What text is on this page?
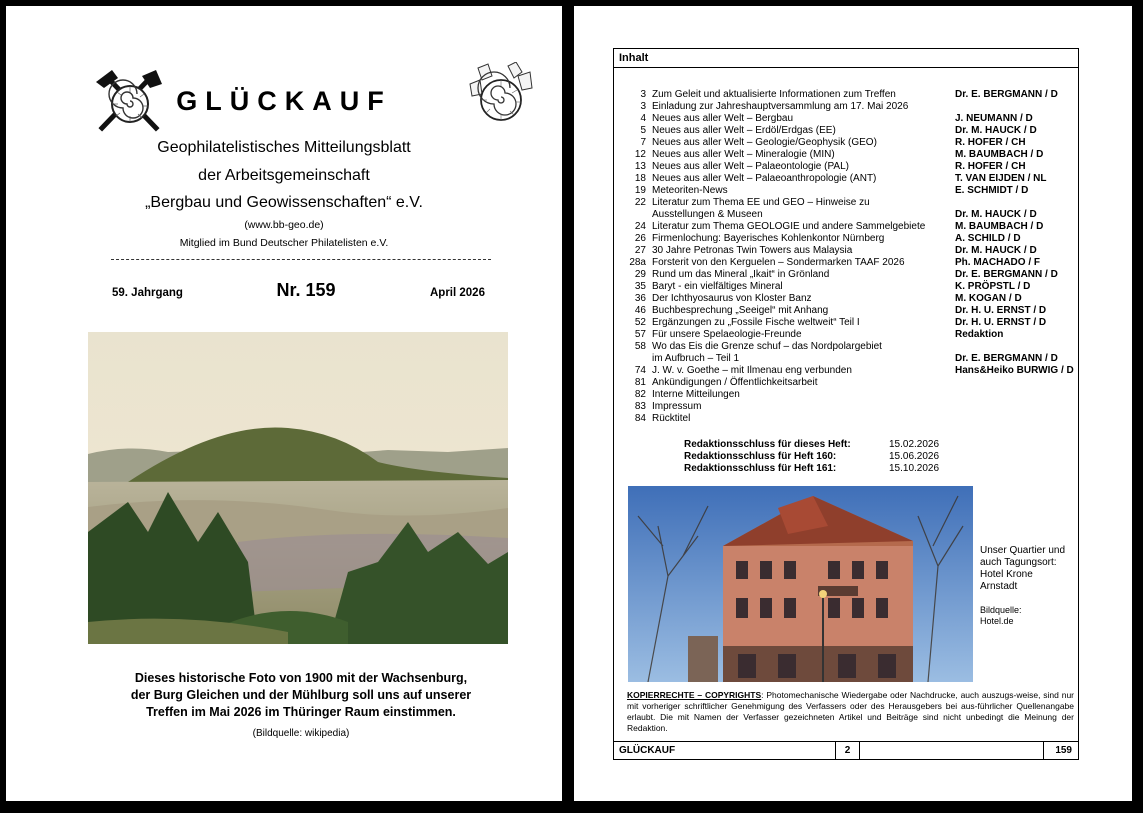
GLÜCKAUF
Geophilatelistisches Mitteilungsblatt
der Arbeitsgemeinschaft
„Bergbau und Geowissenschaften“ e.V.
(www.bb-geo.de)
Mitglied im Bund Deutscher Philatelisten e.V.
59. Jahrgang	Nr. 159	April 2026
Dieses historische Foto von 1900 mit der Wachsenburg,
der Burg Gleichen und der Mühlburg soll uns auf unserer
Treffen im Mai 2026 im Thüringer Raum einstimmen.
(Bildquelle: wikipedia)
Inhalt
3 Zum Geleit und aktualisierte Informationen zum Treffen	Dr. E. BERGMANN / D
3 Einladung zur Jahreshauptversammlung am 17. Mai 2026
4 Neues aus aller Welt – Bergbau	J. NEUMANN / D
5 Neues aus aller Welt – Erdöl/Erdgas (EE)	Dr. M. HAUCK / D
7 Neues aus aller Welt – Geologie/Geophysik (GEO)	R. HOFER / CH
12 Neues aus aller Welt – Mineralogie (MIN)	M. BAUMBACH / D
13 Neues aus aller Welt – Palaeontologie (PAL)	R. HOFER / CH
18 Neues aus aller Welt – Palaeoanthropologie (ANT)	T. VAN EIJDEN / NL
19 Meteoriten-News	E. SCHMIDT / D
22 Literatur zum Thema EE und GEO – Hinweise zu
Ausstellungen & Museen	Dr. M. HAUCK / D
24 Literatur zum Thema GEOLOGIE und andere Sammelgebiete	M. BAUMBACH / D
26 Firmenlochung: Bayerisches Kohlenkontor Nürnberg	A. SCHILD / D
27 30 Jahre Petronas Twin Towers aus Malaysia	Dr. M. HAUCK / D
28a Forsterit von den Kerguelen – Sondermarken TAAF 2026	Ph. MACHADO / F
29 Rund um das Mineral „Ikait“ in Grönland	Dr. E. BERGMANN / D
35 Baryt - ein vielfältiges Mineral	K. PRÖPSTL / D
36 Der Ichthyosaurus von Kloster Banz	M. KOGAN / D
46 Buchbesprechung „Seeigel“ mit Anhang	Dr. H. U. ERNST / D
52 Ergänzungen zu „Fossile Fische weltweit“ Teil I	Dr. H. U. ERNST / D
57 Für unsere Spelaeologie-Freunde	Redaktion
58 Wo das Eis die Grenze schuf – das Nordpolargebiet
im Aufbruch – Teil 1	Dr. E. BERGMANN / D
74 J. W. v. Goethe – mit Ilmenau eng verbunden	Hans&Heiko BURWIG / D
81 Ankündigungen / Öffentlichkeitsarbeit
82 Interne Mitteilungen
83 Impressum
84 Rücktitel
Redaktionsschluss für dieses Heft:	15.02.2026
Redaktionsschluss für Heft 160:	15.06.2026
Redaktionsschluss für Heft 161:	15.10.2026
Unser Quartier und
auch Tagungsort:
Hotel Krone
Arnstadt
Bildquelle:
Hotel.de
KOPIERRECHTE – COPYRIGHTS: Photomechanische Wiedergabe oder Nachdrucke, auch auszugs-weise, sind nur mit vorheriger schriftlicher Genehmigung des Verfassers oder des Herausgebers bei aus-führlicher Quellenangabe erlaubt. Die mit Namen der Verfasser gezeichneten Artikel und Beiträge sind nicht unbedingt die Meinung der Redaktion.
GLÜCKAUF	2	159
